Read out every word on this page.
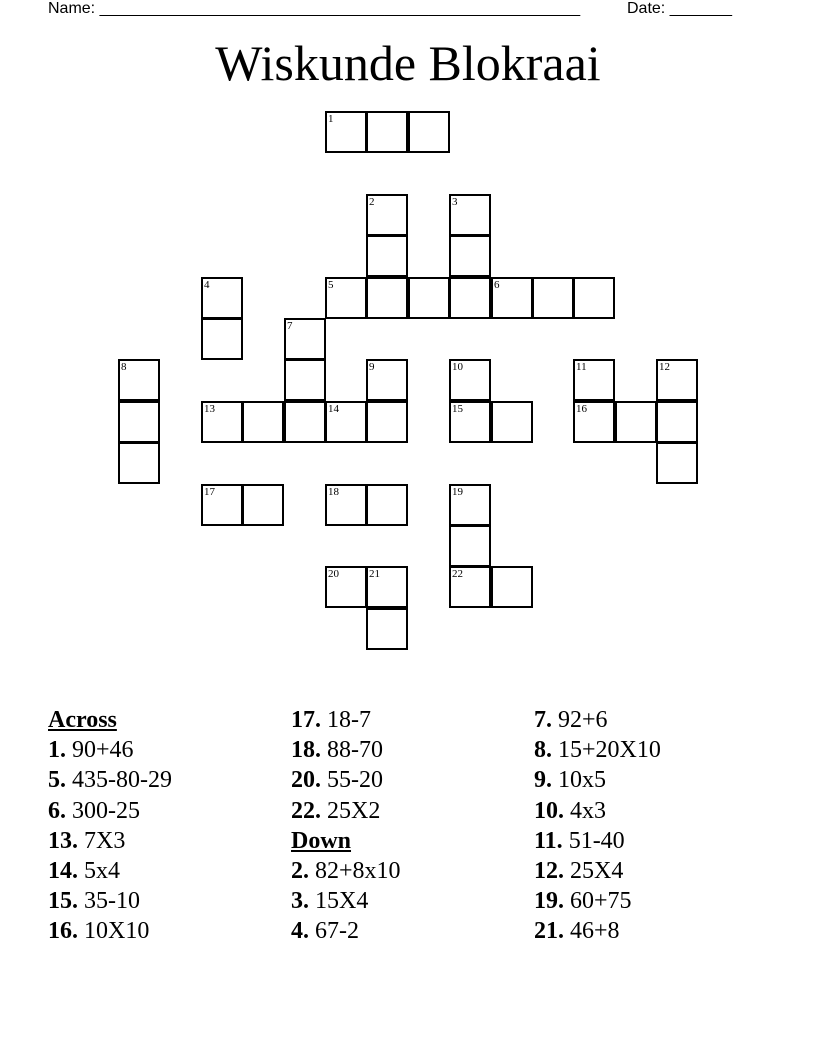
Name: ______________________________________________________	Date: _______
Wiskunde Blokraai
1
2	3
4	5	6
7
8	9	10	11	12
13	14	15	16
17	18	19
20	21	22
Across
1. 90+46
5. 435-80-29
6. 300-25
13. 7X3
14. 5x4
15. 35-10
16. 10X10
17. 18-7
18. 88-70
20. 55-20
22. 25X2
Down
2. 82+8x10
3. 15X4
4. 67-2
7. 92+6
8. 15+20X10
9. 10x5
10. 4x3
11. 51-40
12. 25X4
19. 60+75
21. 46+8
